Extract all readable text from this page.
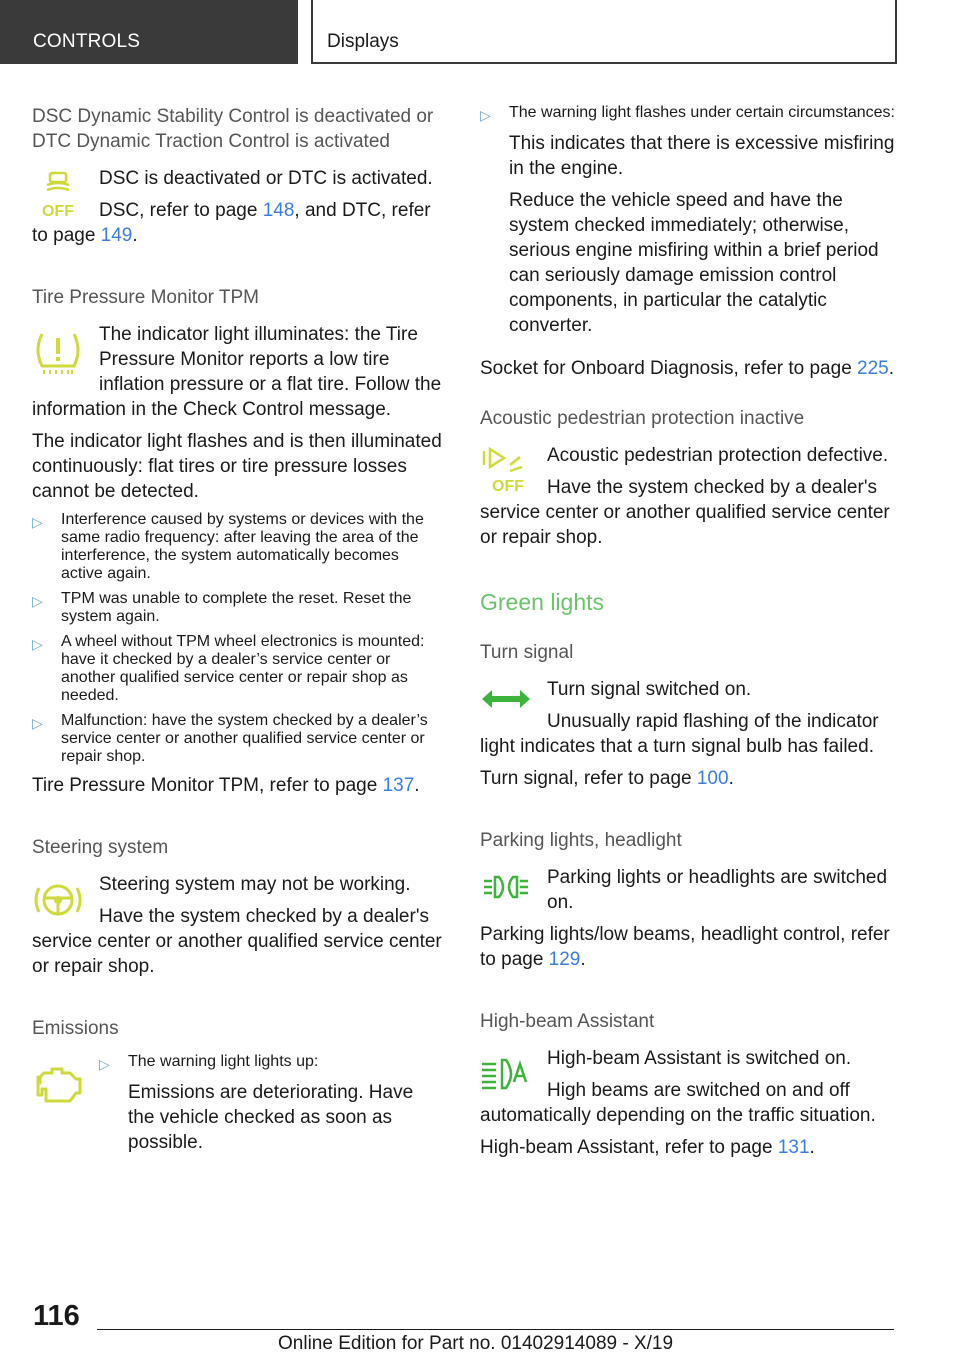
CONTROLS	Displays

DSC Dynamic Stability Control is deactivated or DTC Dynamic Traction Control is activated

OFF

DSC is deactivated or DTC is activated.

DSC, refer to page 148, and DTC, refer to page 149.

Tire Pressure Monitor TPM

The indicator light illuminates: the Tire Pressure Monitor reports a low tire inflation pressure or a flat tire. Follow the information in the Check Control message.

The indicator light flashes and is then illuminated continuously: flat tires or tire pressure losses cannot be detected.

▷	Interference caused by systems or devices with the same radio frequency: after leaving the area of the interference, the system automatically becomes active again.
▷	TPM was unable to complete the reset. Reset the system again.
▷	A wheel without TPM wheel electronics is mounted: have it checked by a dealer’s service center or another qualified service center or repair shop as needed.
▷	Malfunction: have the system checked by a dealer’s service center or another qualified service center or repair shop.

Tire Pressure Monitor TPM, refer to page 137.

Steering system

Steering system may not be working.

Have the system checked by a dealer's service center or another qualified service center or repair shop.

Emissions

▷	The warning light lights up:

Emissions are deteriorating. Have the vehicle checked as soon as possible.

▷	The warning light flashes under certain circumstances:

This indicates that there is excessive misfiring in the engine.

Reduce the vehicle speed and have the system checked immediately; otherwise, serious engine misfiring within a brief period can seriously damage emission control components, in particular the catalytic converter.

Socket for Onboard Diagnosis, refer to page 225.

Acoustic pedestrian protection inactive

OFF

Acoustic pedestrian protection defective.

Have the system checked by a dealer's service center or another qualified service center or repair shop.

Green lights

Turn signal

Turn signal switched on.

Unusually rapid flashing of the indicator light indicates that a turn signal bulb has failed.

Turn signal, refer to page 100.

Parking lights, headlight

Parking lights or headlights are switched on.

Parking lights/low beams, headlight control, refer to page 129.

High-beam Assistant

High-beam Assistant is switched on.

High beams are switched on and off automatically depending on the traffic situation.

High-beam Assistant, refer to page 131.

116
Online Edition for Part no. 01402914089 - X/19
